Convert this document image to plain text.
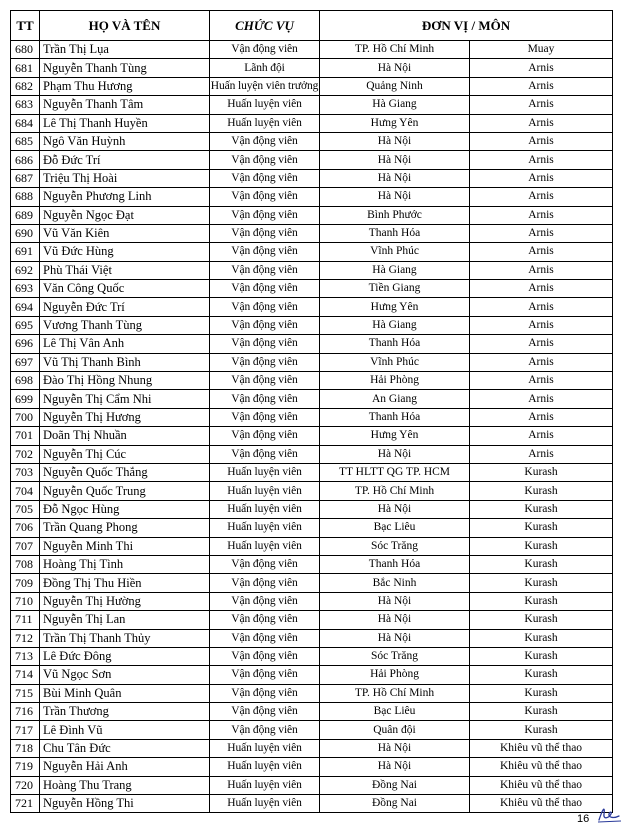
TT	HỌ VÀ TÊN	CHỨC VỤ	ĐƠN VỊ / MÔN	
680	Trần Thị Lụa	Vận động viên	TP. Hồ Chí Minh	Muay
681	Nguyễn Thanh Tùng	Lãnh đội	Hà Nội	Arnis
682	Phạm Thu Hương	Huấn luyện viên trưởng	Quảng Ninh	Arnis
683	Nguyễn Thanh Tâm	Huấn luyện viên	Hà Giang	Arnis
684	Lê Thị Thanh Huyền	Huấn luyện viên	Hưng Yên	Arnis
685	Ngô Văn Huỳnh	Vận động viên	Hà Nội	Arnis
686	Đỗ Đức Trí	Vận động viên	Hà Nội	Arnis
687	Triệu Thị Hoài	Vận động viên	Hà Nội	Arnis
688	Nguyễn Phương Linh	Vận động viên	Hà Nội	Arnis
689	Nguyễn Ngọc Đạt	Vận động viên	Bình Phước	Arnis
690	Vũ Văn Kiên	Vận động viên	Thanh Hóa	Arnis
691	Vũ Đức Hùng	Vận động viên	Vĩnh Phúc	Arnis
692	Phù Thái Việt	Vận động viên	Hà Giang	Arnis
693	Văn Công Quốc	Vận động viên	Tiền Giang	Arnis
694	Nguyễn Đức Trí	Vận động viên	Hưng Yên	Arnis
695	Vương Thanh Tùng	Vận động viên	Hà Giang	Arnis
696	Lê Thị Vân Anh	Vận động viên	Thanh Hóa	Arnis
697	Vũ Thị Thanh Bình	Vận động viên	Vĩnh Phúc	Arnis
698	Đào Thị Hồng Nhung	Vận động viên	Hải Phòng	Arnis
699	Nguyễn Thị Cẩm Nhi	Vận động viên	An Giang	Arnis
700	Nguyễn Thị Hương	Vận động viên	Thanh Hóa	Arnis
701	Doãn Thị Nhuần	Vận động viên	Hưng Yên	Arnis
702	Nguyễn Thị Cúc	Vận động viên	Hà Nội	Arnis
703	Nguyễn Quốc Thắng	Huấn luyện viên	TT HLTT QG TP. HCM	Kurash
704	Nguyễn Quốc Trung	Huấn luyện viên	TP. Hồ Chí Minh	Kurash
705	Đỗ Ngọc Hùng	Huấn luyện viên	Hà Nội	Kurash
706	Trần Quang Phong	Huấn luyện viên	Bạc Liêu	Kurash
707	Nguyễn Minh Thi	Huấn luyện viên	Sóc Trăng	Kurash
708	Hoàng Thị Tình	Vận động viên	Thanh Hóa	Kurash
709	Đồng Thị Thu Hiền	Vận động viên	Bắc Ninh	Kurash
710	Nguyễn Thị Hường	Vận động viên	Hà Nội	Kurash
711	Nguyễn Thị Lan	Vận động viên	Hà Nội	Kurash
712	Trần Thị Thanh Thủy	Vận động viên	Hà Nội	Kurash
713	Lê Đức Đông	Vận động viên	Sóc Trăng	Kurash
714	Vũ Ngọc Sơn	Vận động viên	Hải Phòng	Kurash
715	Bùi Minh Quân	Vận động viên	TP. Hồ Chí Minh	Kurash
716	Trần Thương	Vận động viên	Bạc Liêu	Kurash
717	Lê Đình Vũ	Vận động viên	Quân đội	Kurash
718	Chu Tân Đức	Huấn luyện viên	Hà Nội	Khiêu vũ thể thao
719	Nguyễn Hải Anh	Huấn luyện viên	Hà Nội	Khiêu vũ thể thao
720	Hoàng Thu Trang	Huấn luyện viên	Đồng Nai	Khiêu vũ thể thao
721	Nguyễn Hồng Thi	Huấn luyện viên	Đồng Nai	Khiêu vũ thể thao
16
